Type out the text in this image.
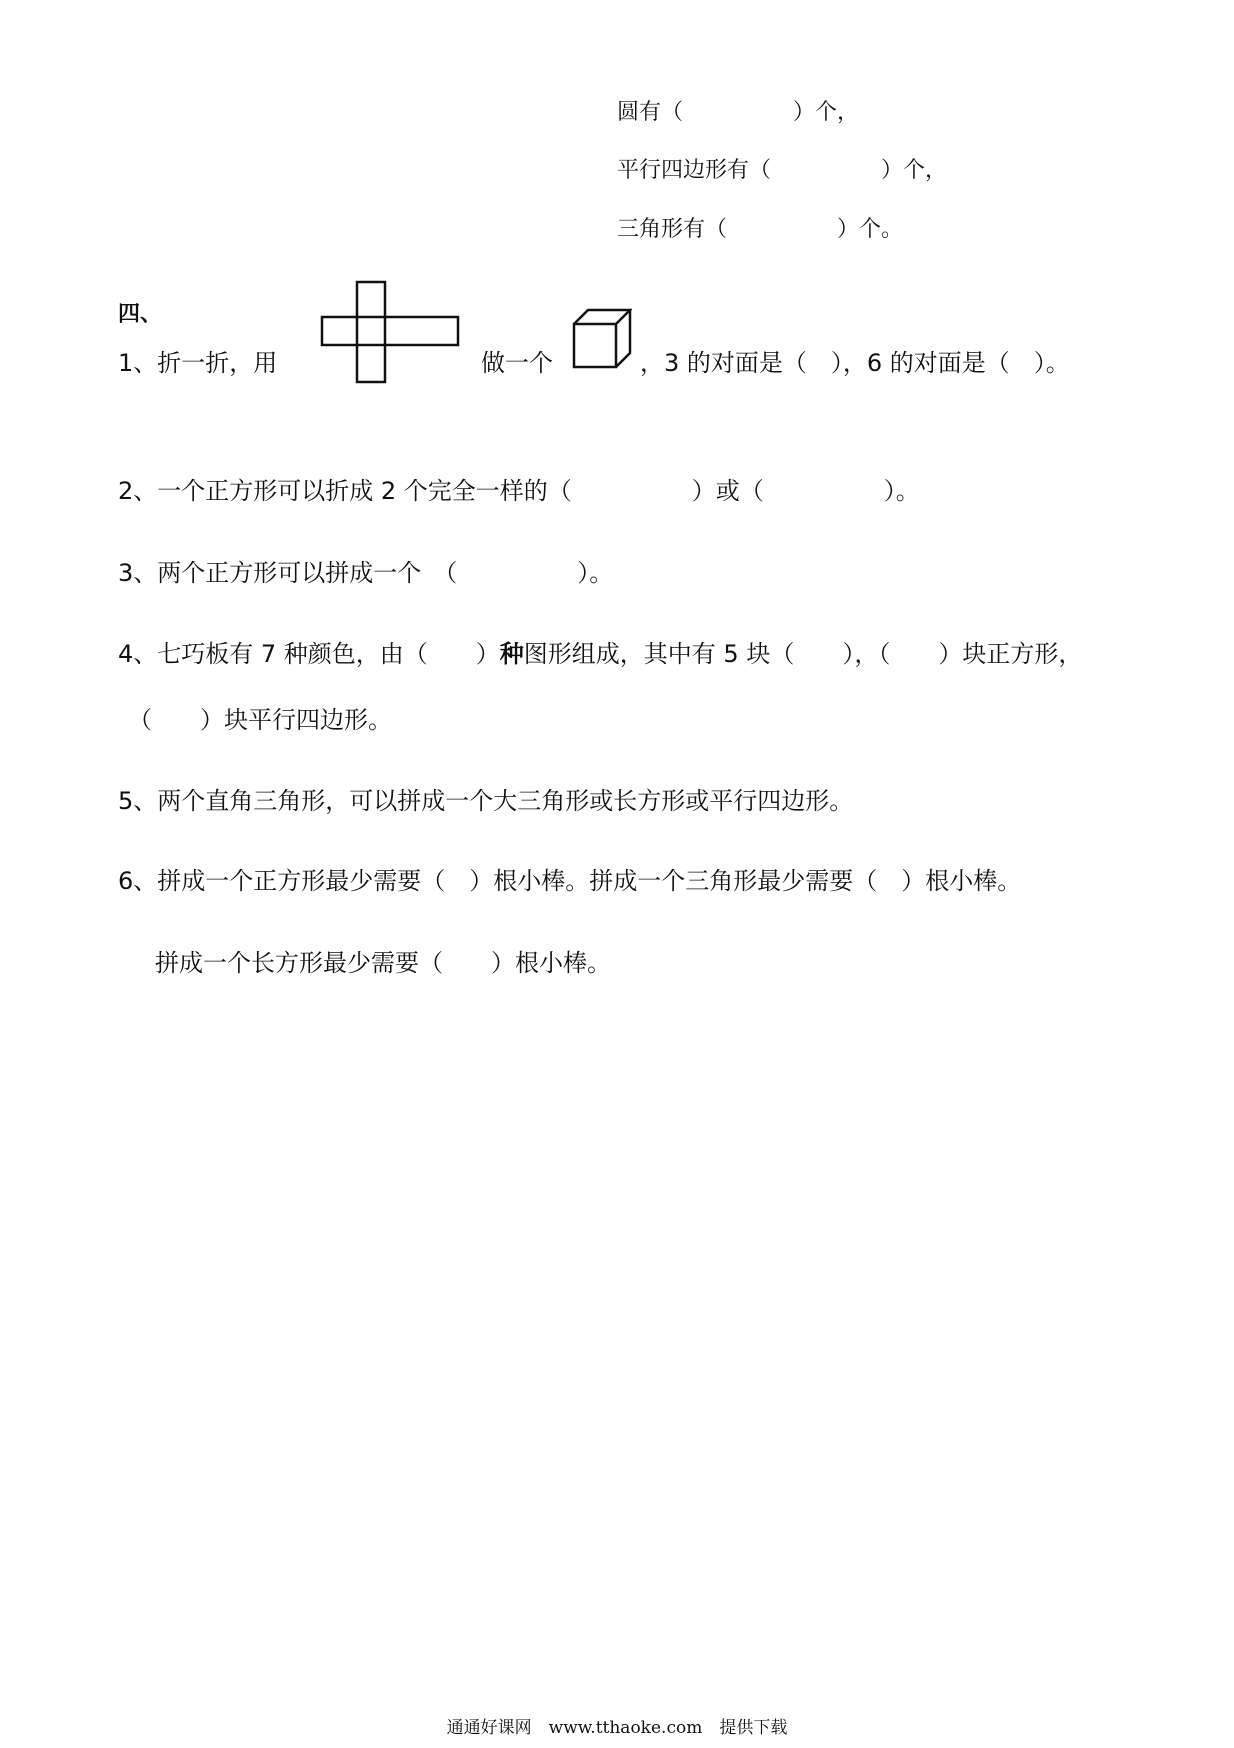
圆有（　　　　　）个，
平行四边形有（　　　　　）个，
三角形有（　　　　　）个。
四、
1、折一折，用	做一个	，3 的对面是（　），6 的对面是（　）。
2、一个正方形可以折成 2 个完全一样的（　　　　　）或（　　　　　）。
3、两个正方形可以拼成一个　（　　　　　）。
4、七巧板有 7 种颜色，由（　　）种图形组成，其中有 5 块（　　），（　　）块正方形，
（　　）块平行四边形。
5、两个直角三角形，可以拼成一个大三角形或长方形或平行四边形。
6、拼成一个正方形最少需要（　）根小棒。拼成一个三角形最少需要（　）根小棒。
拼成一个长方形最少需要（　　）根小棒。
通通好课网　www.tthaoke.com　提供下载
